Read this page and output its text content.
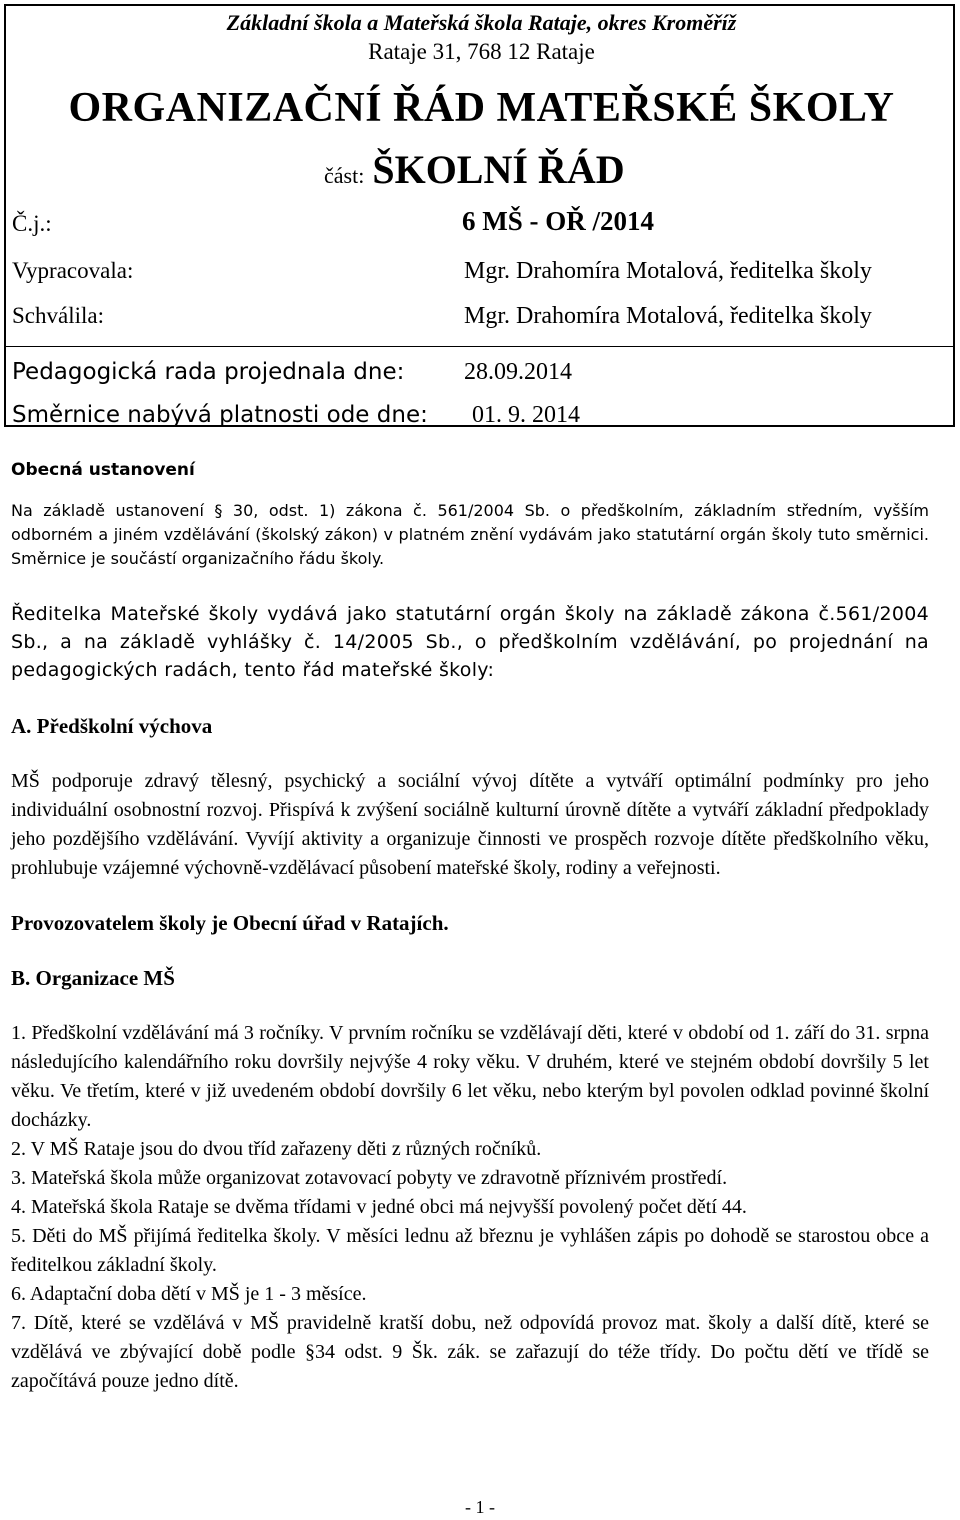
Základní škola a Mateřská škola Rataje, okres Kroměříž
Rataje 31, 768 12 Rataje
ORGANIZAČNÍ ŘÁD MATEŘSKÉ ŠKOLY
část: ŠKOLNÍ ŘÁD
Č.j.:	6 MŠ - OŘ /2014
Vypracovala:	Mgr. Drahomíra Motalová, ředitelka školy
Schválila:	Mgr. Drahomíra Motalová, ředitelka školy
Pedagogická rada projednala dne: 28.09.2014
Směrnice nabývá platnosti ode dne: 01. 9. 2014
Obecná ustanovení
Na základě ustanovení § 30, odst. 1) zákona č. 561/2004 Sb. o předškolním, základním středním, vyšším odborném a jiném vzdělávání (školský zákon) v platném znění vydávám jako statutární orgán školy tuto směrnici. Směrnice je součástí organizačního řádu školy.
Ředitelka Mateřské školy vydává jako statutární orgán školy na základě zákona č.561/2004 Sb., a na základě vyhlášky č. 14/2005 Sb., o předškolním vzdělávání, po projednání na pedagogických radách, tento řád mateřské školy:
A. Předškolní výchova
MŠ podporuje zdravý tělesný, psychický a sociální vývoj dítěte a vytváří optimální podmínky pro jeho individuální osobnostní rozvoj. Přispívá k zvýšení sociálně kulturní úrovně dítěte a vytváří základní předpoklady jeho pozdějšího vzdělávání. Vyvíjí aktivity a organizuje činnosti ve prospěch rozvoje dítěte předškolního věku, prohlubuje vzájemné výchovně-vzdělávací působení mateřské školy, rodiny a veřejnosti.
Provozovatelem školy je Obecní úřad v Ratajích.
B. Organizace MŠ
1. Předškolní vzdělávání má 3 ročníky. V prvním ročníku se vzdělávají děti, které v období od 1. září do 31. srpna následujícího kalendářního roku dovršily nejvýše 4 roky věku. V druhém, které ve stejném období dovršily 5 let věku. Ve třetím, které v již uvedeném období dovršily 6 let věku, nebo kterým byl povolen odklad povinné školní docházky.
2. V MŠ Rataje jsou do dvou tříd zařazeny děti z různých ročníků.
3. Mateřská škola může organizovat zotavovací pobyty ve zdravotně příznivém prostředí.
4. Mateřská škola Rataje se dvěma třídami v jedné obci má nejvyšší povolený počet dětí 44.
5. Děti do MŠ přijímá ředitelka školy. V měsíci lednu až březnu je vyhlášen zápis po dohodě se starostou obce a ředitelkou základní školy.
6. Adaptační doba dětí v MŠ je 1 - 3 měsíce.
7. Dítě, které se vzdělává v MŠ pravidelně kratší dobu, než odpovídá provoz mat. školy a další dítě, které se vzdělává ve zbývající době podle §34 odst. 9 Šk. zák. se zařazují do téže třídy. Do počtu dětí ve třídě se započítává pouze jedno dítě.
- 1 -
